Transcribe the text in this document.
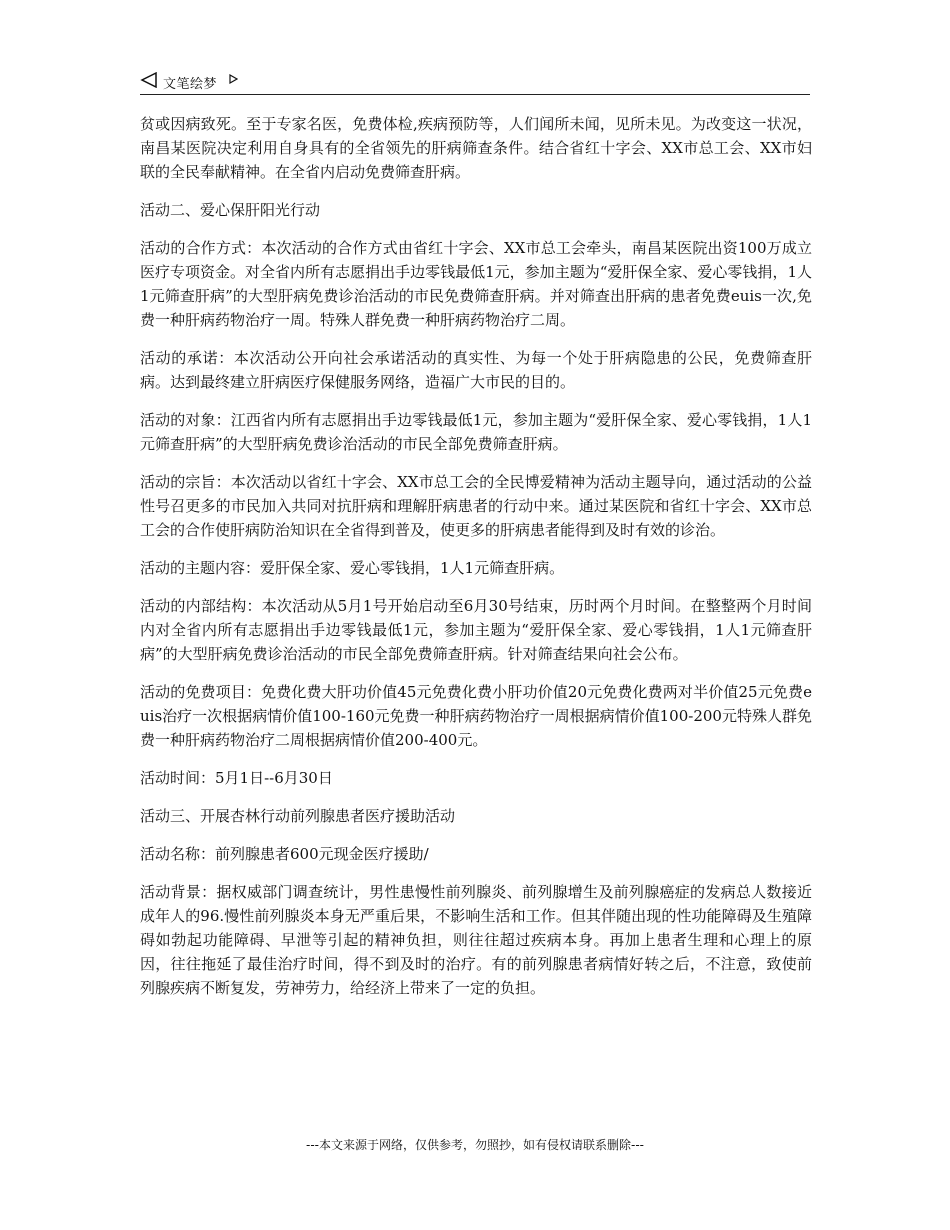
文笔绘梦

贫或因病致死。至于专家名医，免费体检,疾病预防等，人们闻所未闻，见所未见。为改变这一状况，南昌某医院决定利用自身具有的全省领先的肝病筛查条件。结合省红十字会、XX市总工会、XX市妇联的全民奉献精神。在全省内启动免费筛查肝病。

活动二、爱心保肝阳光行动

活动的合作方式：本次活动的合作方式由省红十字会、XX市总工会牵头，南昌某医院出资100万成立医疗专项资金。对全省内所有志愿捐出手边零钱最低1元，参加主题为“爱肝保全家、爱心零钱捐，1人1元筛查肝病”的大型肝病免费诊治活动的市民免费筛查肝病。并对筛查出肝病的患者免费euis一次,免费一种肝病药物治疗一周。特殊人群免费一种肝病药物治疗二周。

活动的承诺：本次活动公开向社会承诺活动的真实性、为每一个处于肝病隐患的公民，免费筛查肝病。达到最终建立肝病医疗保健服务网络，造福广大市民的目的。

活动的对象：江西省内所有志愿捐出手边零钱最低1元，参加主题为“爱肝保全家、爱心零钱捐，1人1元筛查肝病”的大型肝病免费诊治活动的市民全部免费筛查肝病。

活动的宗旨：本次活动以省红十字会、XX市总工会的全民博爱精神为活动主题导向，通过活动的公益性号召更多的市民加入共同对抗肝病和理解肝病患者的行动中来。通过某医院和省红十字会、XX市总工会的合作使肝病防治知识在全省得到普及，使更多的肝病患者能得到及时有效的诊治。

活动的主题内容：爱肝保全家、爱心零钱捐，1人1元筛查肝病。

活动的内部结构：本次活动从5月1号开始启动至6月30号结束，历时两个月时间。在整整两个月时间内对全省内所有志愿捐出手边零钱最低1元，参加主题为“爱肝保全家、爱心零钱捐，1人1元筛查肝病”的大型肝病免费诊治活动的市民全部免费筛查肝病。针对筛查结果向社会公布。

活动的免费项目：免费化费大肝功价值45元免费化费小肝功价值20元免费化费两对半价值25元免费euis治疗一次根据病情价值100-160元免费一种肝病药物治疗一周根据病情价值100-200元特殊人群免费一种肝病药物治疗二周根据病情价值200-400元。

活动时间：5月1日--6月30日

活动三、开展杏林行动前列腺患者医疗援助活动

活动名称：前列腺患者600元现金医疗援助/

活动背景：据权威部门调查统计，男性患慢性前列腺炎、前列腺增生及前列腺癌症的发病总人数接近成年人的96.慢性前列腺炎本身无严重后果，不影响生活和工作。但其伴随出现的性功能障碍及生殖障碍如勃起功能障碍、早泄等引起的精神负担，则往往超过疾病本身。再加上患者生理和心理上的原因，往往拖延了最佳治疗时间，得不到及时的治疗。有的前列腺患者病情好转之后，不注意，致使前列腺疾病不断复发，劳神劳力，给经济上带来了一定的负担。

---本文来源于网络，仅供参考，勿照抄，如有侵权请联系删除---
